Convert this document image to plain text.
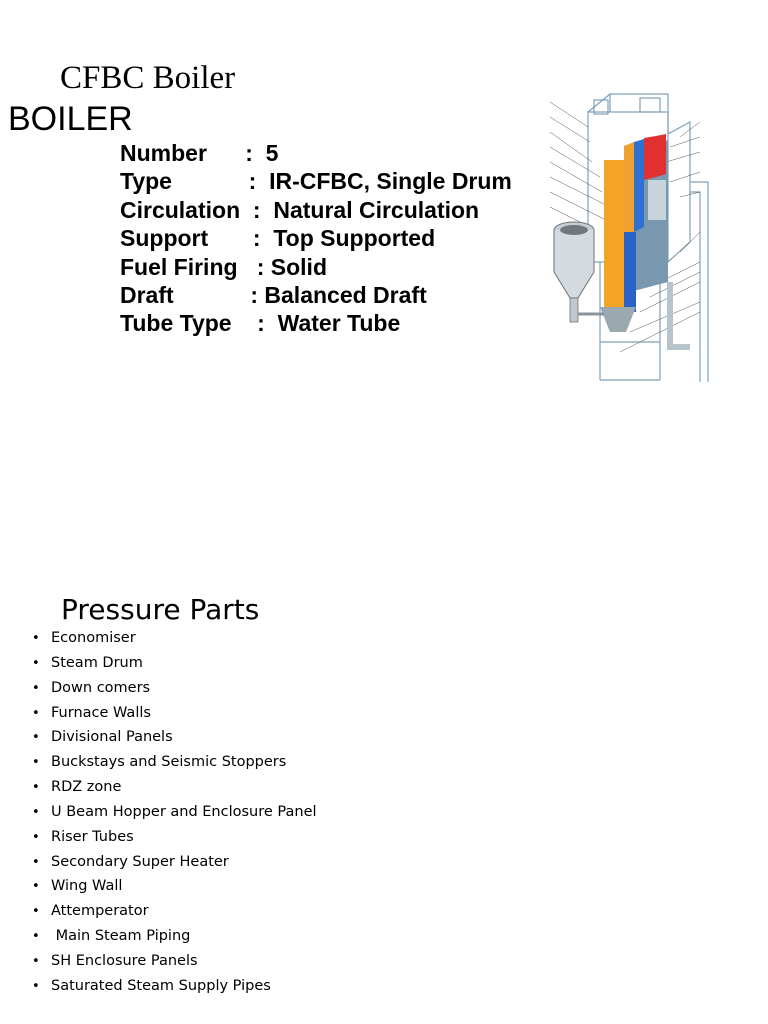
CFBC Boiler
BOILER
Number      :  5
Type            :  IR-CFBC, Single Drum
Circulation  :  Natural Circulation
Support       :  Top Supported
Fuel Firing   : Solid
Draft            : Balanced Draft
Tube Type    :  Water Tube
Pressure Parts
• Economiser
• Steam Drum
• Down comers
• Furnace Walls
• Divisional Panels
• Buckstays and Seismic Stoppers
• RDZ zone
• U Beam Hopper and Enclosure Panel
• Riser Tubes
• Secondary Super Heater
• Wing Wall
• Attemperator
• Main Steam Piping
• SH Enclosure Panels
• Saturated Steam Supply Pipes
